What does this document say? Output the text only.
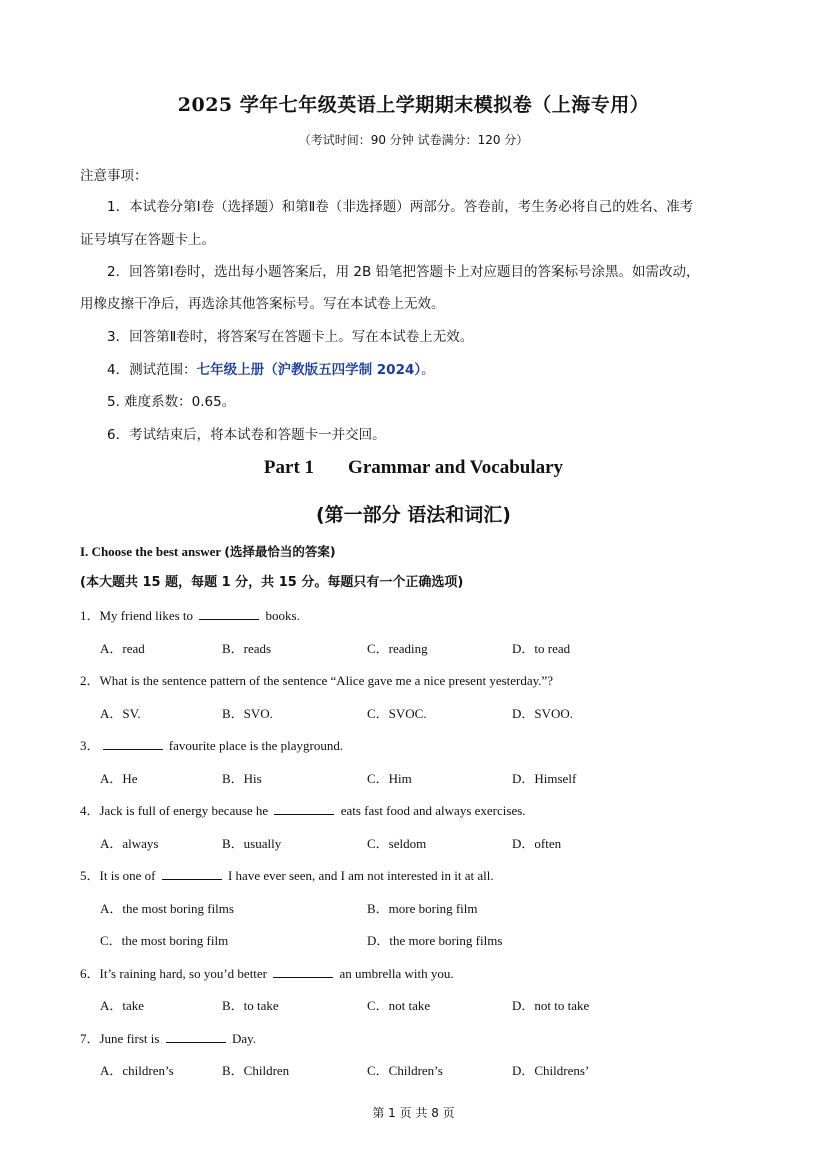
2025 学年七年级英语上学期期末模拟卷（上海专用）
（考试时间：90 分钟 试卷满分：120 分）
注意事项：
1．本试卷分第Ⅰ卷（选择题）和第Ⅱ卷（非选择题）两部分。答卷前，考生务必将自己的姓名、准考
证号填写在答题卡上。
2．回答第Ⅰ卷时，选出每小题答案后，用 2B 铅笔把答题卡上对应题目的答案标号涂黑。如需改动，
用橡皮擦干净后，再选涂其他答案标号。写在本试卷上无效。
3．回答第Ⅱ卷时，将答案写在答题卡上。写在本试卷上无效。
4．测试范围：七年级上册（沪教版五四学制 2024）。
5. 难度系数：0.65。
6．考试结束后，将本试卷和答题卡一并交回。
Part 1 Grammar and Vocabulary
(第一部分 语法和词汇)
I. Choose the best answer (选择最恰当的答案)
(本大题共 15 题，每题 1 分，共 15 分。每题只有一个正确选项)
1．My friend likes to	books.
A．read	B．reads	C．reading	D．to read
2．What is the sentence pattern of the sentence “Alice gave me a nice present yesterday.”?
A．SV.	B．SVO.	C．SVOC.	D．SVOO.
3．	favourite place is the playground.
A．He	B．His	C．Him	D．Himself
4．Jack is full of energy because he	eats fast food and always exercises.
A．always	B．usually	C．seldom	D．often
5．It is one of	I have ever seen, and I am not interested in it at all.
A．the most boring films	B．more boring film
C．the most boring film	D．the more boring films
6．It’s raining hard, so you’d better	an umbrella with you.
A．take	B．to take	C．not take	D．not to take
7．June first is	Day.
A．children’s	B．Children	C．Children’s	D．Childrens’
第 1 页 共 8 页
